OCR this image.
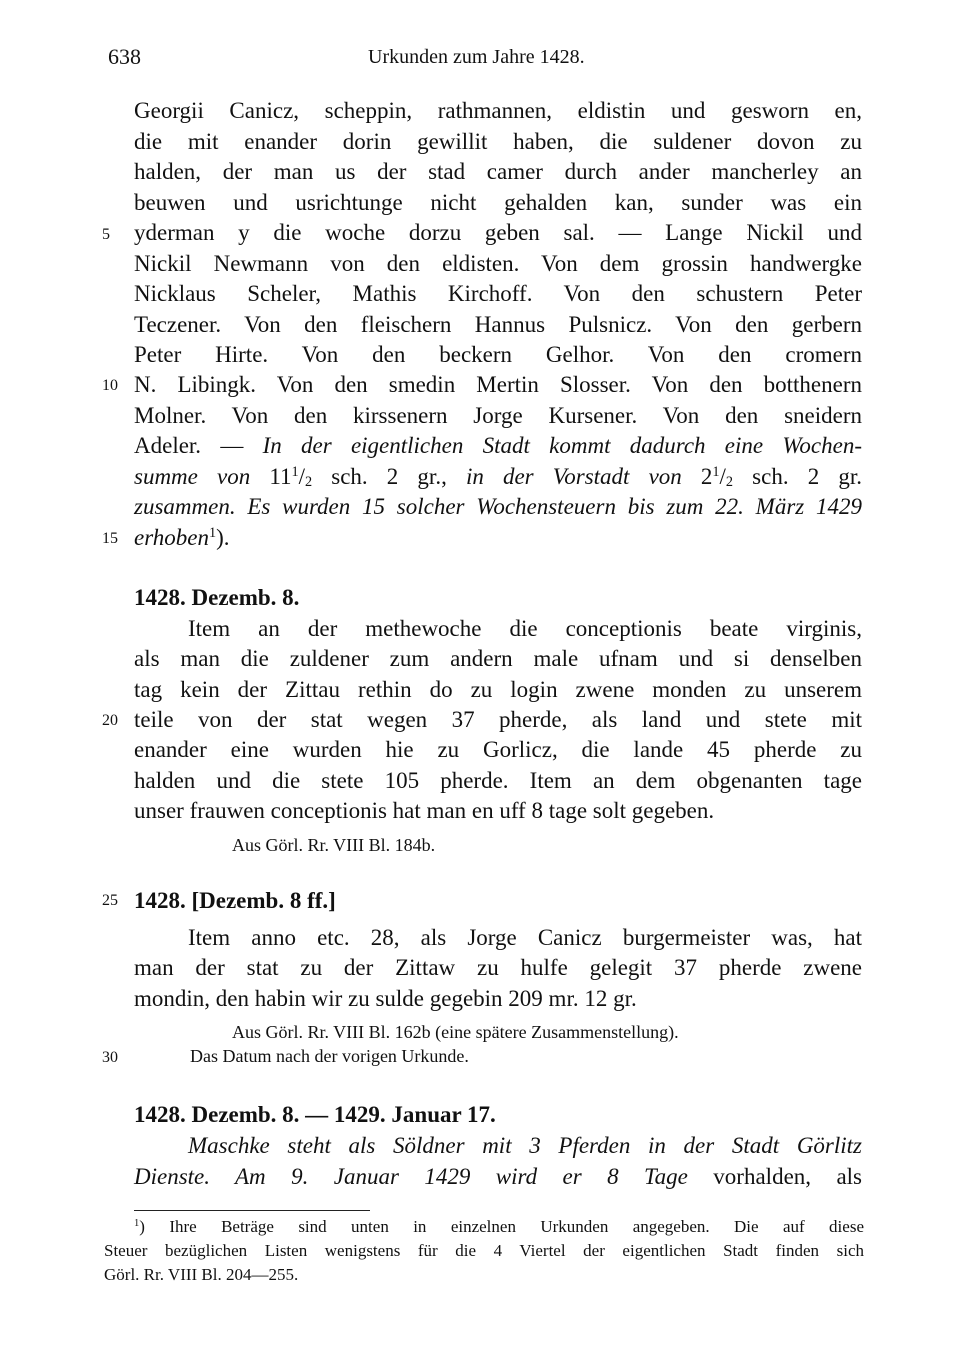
638	Urkunden zum Jahre 1428.
5
10
15
20
25
30
Georgii Canicz, scheppin, rathmannen, eldistin und gesworn en,
die mit enander dorin gewillit haben, die suldener dovon zu
halden, der man us der stad camer durch ander mancherley an
beuwen und usrichtunge nicht gehalden kan, sunder was ein
yderman y die woche dorzu geben sal. — Lange Nickil und
Nickil Newmann von den eldisten. Von dem grossin handwergke
Nicklaus Scheler, Mathis Kirchoff. Von den schustern Peter
Teczener. Von den fleischern Hannus Pulsnicz. Von den gerbern
Peter Hirte. Von den beckern Gelhor. Von den cromern
N. Libingk. Von den smedin Mertin Slosser. Von den botthenern
Molner. Von den kirssenern Jorge Kursener. Von den sneidern
Adeler. — In der eigentlichen Stadt kommt dadurch eine Wochen-
summe von $11^1/_2$ sch. 2 gr., in der Vorstadt von $2^1/_2$ sch. 2 gr.
zusammen. Es wurden 15 solcher Wochensteuern bis zum 22. März 1429
erhoben$^1$).
1428. Dezemb. 8.
Item an der methewoche die conceptionis beate virginis,
als man die zuldener zum andern male ufnam und si denselben
tag kein der Zittau rethin do zu login zwene monden zu unserem
teile von der stat wegen 37 pherde, als land und stete mit
enander eine wurden hie zu Gorlicz, die lande 45 pherde zu
halden und die stete 105 pherde. Item an dem obgenanten tage
unser frauwen conceptionis hat man en uff 8 tage solt gegeben.
Aus Görl. Rr. VIII Bl. 184b.
1428. [Dezemb. 8 ff.]
Item anno etc. 28, als Jorge Canicz burgermeister was, hat
man der stat zu der Zittaw zu hulfe gelegit 37 pherde zwene
mondin, den habin wir zu sulde gegebin 209 mr. 12 gr.
Aus Görl. Rr. VIII Bl. 162b (eine spätere Zusammenstellung).
Das Datum nach der vorigen Urkunde.
1428. Dezemb. 8. — 1429. Januar 17.
Maschke steht als Söldner mit 3 Pferden in der Stadt Görlitz
Dienste. Am 9. Januar 1429 wird er 8 Tage vorhalden, als
$^1$) Ihre Beträge sind unten in einzelnen Urkunden angegeben. Die auf diese
Steuer bezüglichen Listen wenigstens für die 4 Viertel der eigentlichen Stadt finden sich
Görl. Rr. VIII Bl. 204—255.
